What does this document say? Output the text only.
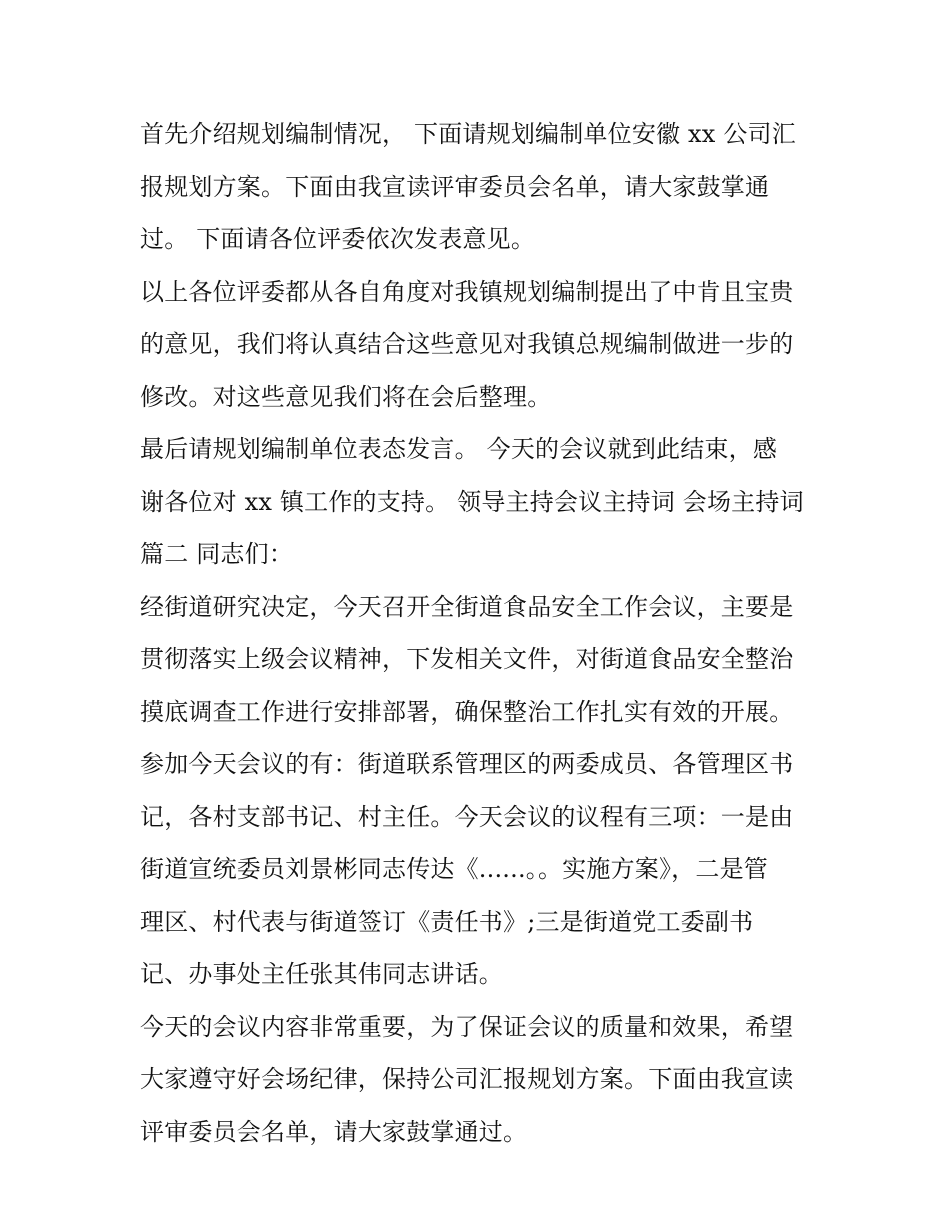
首先介绍规划编制情况， 下面请规划编制单位安徽 xx 公司汇
报规划方案。下面由我宣读评审委员会名单，请大家鼓掌通
过。 下面请各位评委依次发表意见。
以上各位评委都从各自角度对我镇规划编制提出了中肯且宝贵
的意见，我们将认真结合这些意见对我镇总规编制做进一步的
修改。对这些意见我们将在会后整理。
最后请规划编制单位表态发言。 今天的会议就到此结束，感
谢各位对 xx 镇工作的支持。 领导主持会议主持词 会场主持词
篇二 同志们：
经街道研究决定，今天召开全街道食品安全工作会议，主要是
贯彻落实上级会议精神，下发相关文件，对街道食品安全整治
摸底调查工作进行安排部署，确保整治工作扎实有效的开展。
参加今天会议的有：街道联系管理区的两委成员、各管理区书
记，各村支部书记、村主任。今天会议的议程有三项：一是由
街道宣统委员刘景彬同志传达《......。。实施方案》，二是管
理区、村代表与街道签订《责任书》;三是街道党工委副书
记、办事处主任张其伟同志讲话。
今天的会议内容非常重要，为了保证会议的质量和效果，希望
大家遵守好会场纪律，保持公司汇报规划方案。下面由我宣读
评审委员会名单，请大家鼓掌通过。
